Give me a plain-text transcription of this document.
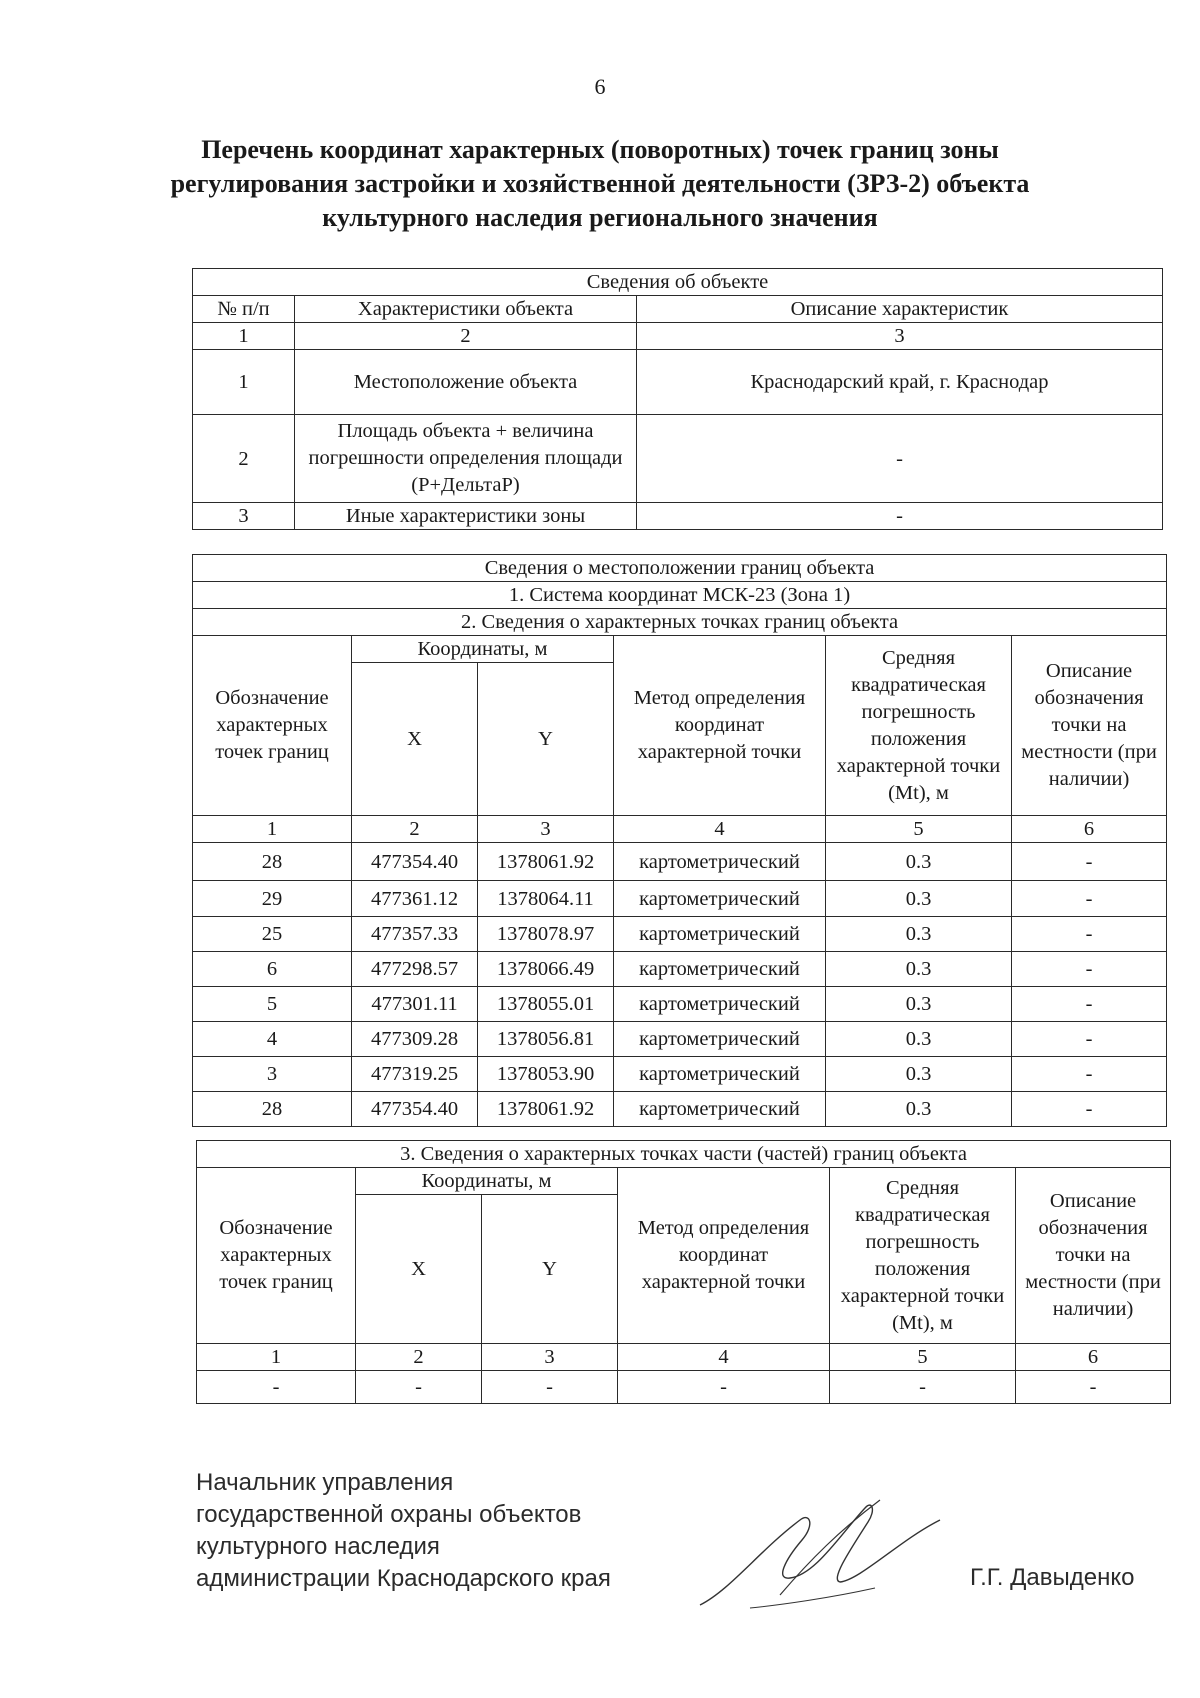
6
Перечень координат характерных (поворотных) точек границ зоны
регулирования застройки и хозяйственной деятельности (ЗРЗ-2) объекта
культурного наследия регионального значения
Сведения об объекте		
№ п/п	Характеристики объекта	Описание характеристик
1	2	3
1	Местоположение объекта	Краснодарский край, г. Краснодар
2	Площадь объекта + величина погрешности определения площади (Р+ДельтаР)	-
3	Иные характеристики зоны	-
Сведения о местоположении границ объекта					
1. Система координат МСК-23 (Зона 1)					
2. Сведения о характерных точках границ объекта					
Обозначение характерных точек границ	Координаты, м		Метод определения координат характерной точки	Средняя квадратическая погрешность положения характерной точки (Mt), м	Описание обозначения точки на местности (при наличии)
	X	Y			
1	2	3	4	5	6
28	477354.40	1378061.92	картометрический	0.3	-
29	477361.12	1378064.11	картометрический	0.3	-
25	477357.33	1378078.97	картометрический	0.3	-
6	477298.57	1378066.49	картометрический	0.3	-
5	477301.11	1378055.01	картометрический	0.3	-
4	477309.28	1378056.81	картометрический	0.3	-
3	477319.25	1378053.90	картометрический	0.3	-
28	477354.40	1378061.92	картометрический	0.3	-
3. Сведения о характерных точках части (частей) границ объекта					
Обозначение характерных точек границ	Координаты, м		Метод определения координат характерной точки	Средняя квадратическая погрешность положения характерной точки (Mt), м	Описание обозначения точки на местности (при наличии)
	X	Y			
1	2	3	4	5	6
-	-	-	-	-	-
Начальник управления
государственной охраны объектов
культурного наследия
администрации Краснодарского края	Г.Г. Давыденко
